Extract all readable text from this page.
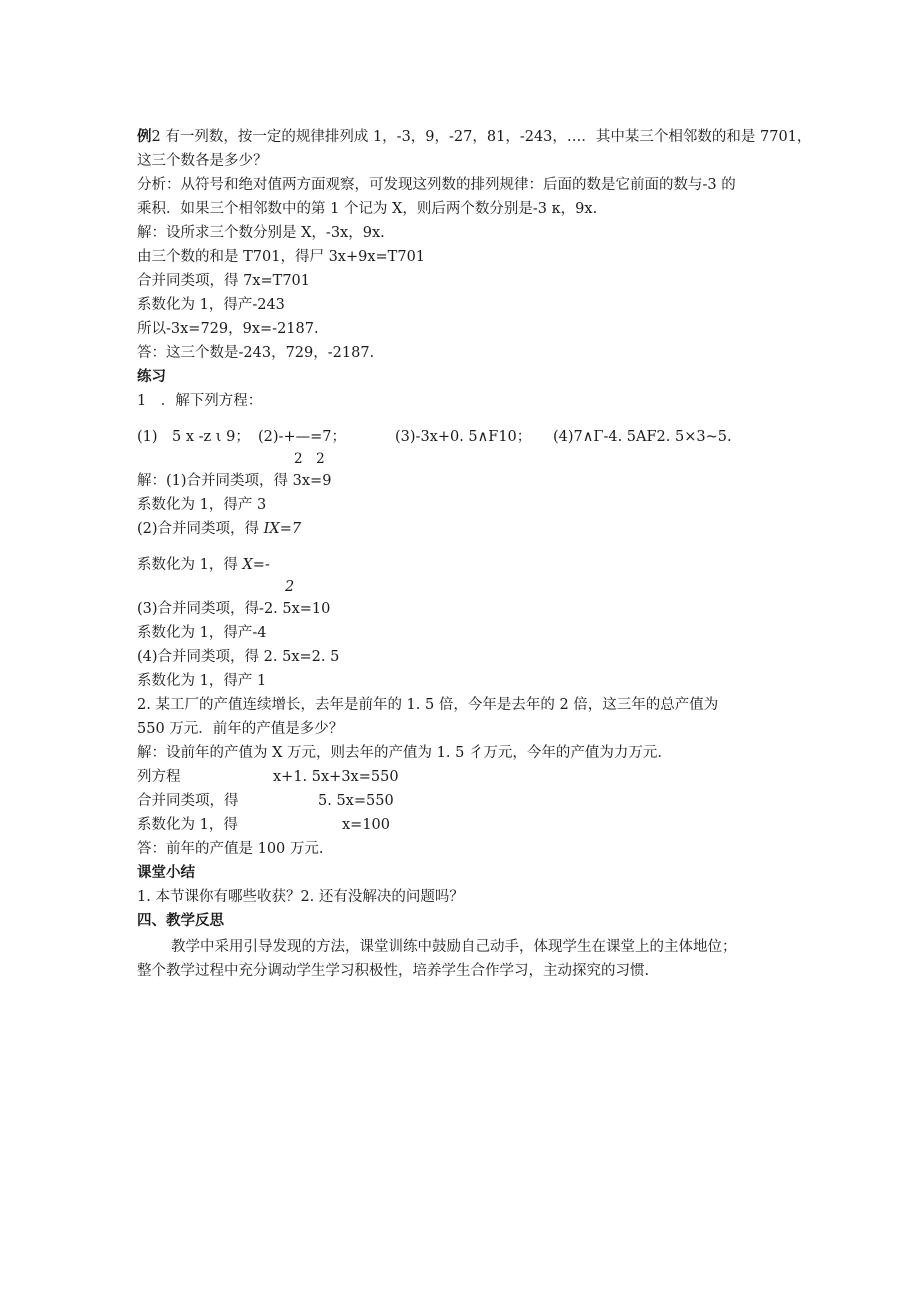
例2 有一列数，按一定的规律排列成 1，-3，9，-27，81，-243，…．其中某三个相邻数的和是 7701，
这三个数各是多少？
分析：从符号和绝对值两方面观察，可发现这列数的排列规律：后面的数是它前面的数与-3 的
乘积．如果三个相邻数中的第 1 个记为 X，则后两个数分别是-3 κ，9x.
解：设所求三个数分别是 X，-3x，9x.
由三个数的和是 T701，得尸 3x+9x=T701
合并同类项，得 7x=T701
系数化为 1，得产-243
所以-3x=729，9x=-2187.
答：这三个数是-243，729，-2187.
练习
1　．解下列方程：
(1)　5 x -z ι 9； (2)-+—=7；	(3)-3x+0. 5∧F10； (4)7∧Γ-4. 5AF2. 5×3~5.
2　2
解：(1)合并同类项，得 3x=9
系数化为 1，得产 3
(2)合并同类项，得 IX=7
系数化为 1，得 X=-
2
(3)合并同类项，得-2. 5x=10
系数化为 1，得产-4
(4)合并同类项，得 2. 5x=2. 5
系数化为 1，得产 1
2. 某工厂的产值连续增长，去年是前年的 1. 5 倍，今年是去年的 2 倍，这三年的总产值为
550 万元．前年的产值是多少？
解：设前年的产值为 X 万元，则去年的产值为 1. 5 彳万元，今年的产值为力万元.
列方程	x+1. 5x+3x=550
合并同类项，得	5. 5x=550
系数化为 1，得	x=100
答：前年的产值是 100 万元.
课堂小结
1. 本节课你有哪些收获？2. 还有没解决的问题吗？
四、教学反思
教学中采用引导发现的方法，课堂训练中鼓励自己动手，体现学生在课堂上的主体地位；
整个教学过程中充分调动学生学习积极性，培养学生合作学习，主动探究的习惯.
